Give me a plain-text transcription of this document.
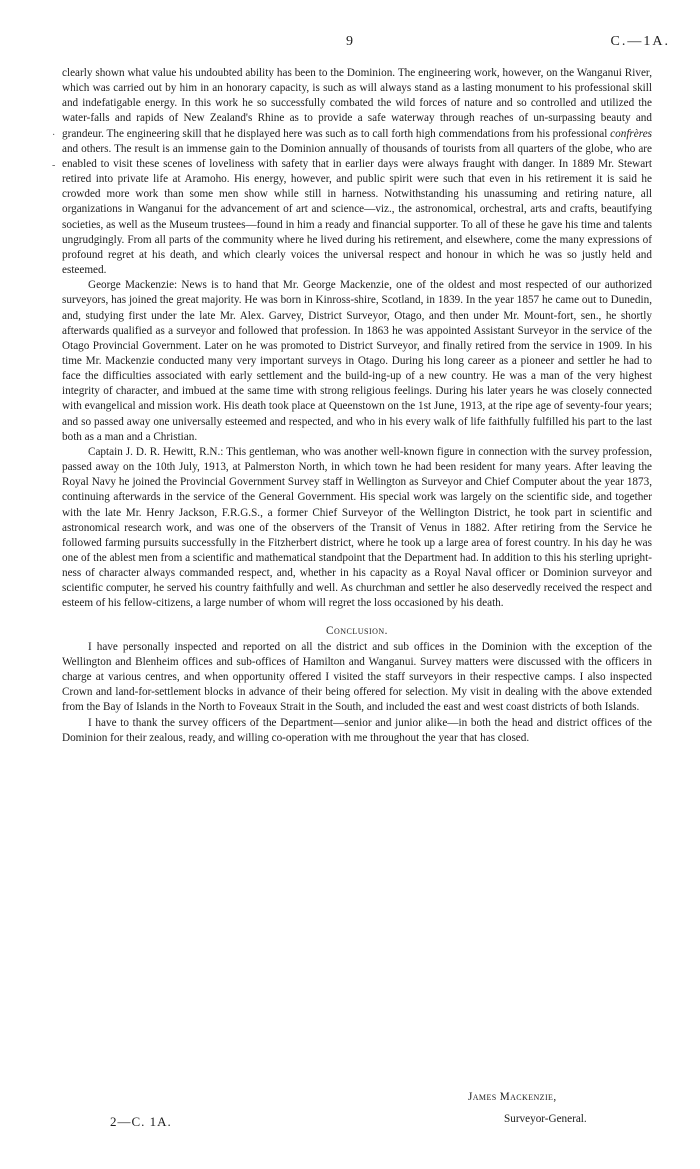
9	C.—1A.
·
-

clearly shown what value his undoubted ability has been to the Dominion. The engineering work, however, on the Wanganui River, which was carried out by him in an honorary capacity, is such as will always stand as a lasting monument to his professional skill and indefatigable energy. In this work he so successfully combated the wild forces of nature and so controlled and utilized the water-falls and rapids of New Zealand's Rhine as to provide a safe waterway through reaches of un-surpassing beauty and grandeur. The engineering skill that he displayed here was such as to call forth high commendations from his professional confrères and others. The result is an immense gain to the Dominion annually of thousands of tourists from all quarters of the globe, who are enabled to visit these scenes of loveliness with safety that in earlier days were always fraught with danger. In 1889 Mr. Stewart retired into private life at Aramoho. His energy, however, and public spirit were such that even in his retirement it is said he crowded more work than some men show while still in harness. Notwithstanding his unassuming and retiring nature, all organizations in Wanganui for the advancement of art and science—viz., the astronomical, orchestral, arts and crafts, beautifying societies, as well as the Museum trustees—found in him a ready and financial supporter. To all of these he gave his time and talents ungrudgingly. From all parts of the community where he lived during his retirement, and elsewhere, come the many expressions of profound regret at his death, and which clearly voices the universal respect and honour in which he was so justly held and esteemed.

George Mackenzie: News is to hand that Mr. George Mackenzie, one of the oldest and most respected of our authorized surveyors, has joined the great majority. He was born in Kinross-shire, Scotland, in 1839. In the year 1857 he came out to Dunedin, and, studying first under the late Mr. Alex. Garvey, District Surveyor, Otago, and then under Mr. Mount-fort, sen., he shortly afterwards qualified as a surveyor and followed that profession. In 1863 he was appointed Assistant Surveyor in the service of the Otago Provincial Government. Later on he was promoted to District Surveyor, and finally retired from the service in 1909. In his time Mr. Mackenzie conducted many very important surveys in Otago. During his long career as a pioneer and settler he had to face the difficulties associated with early settlement and the build-ing-up of a new country. He was a man of the very highest integrity of character, and imbued at the same time with strong religious feelings. During his later years he was closely connected with evangelical and mission work. His death took place at Queenstown on the 1st June, 1913, at the ripe age of seventy-four years; and so passed away one universally esteemed and respected, and who in his every walk of life faithfully fulfilled his part to the last both as a man and a Christian.

Captain J. D. R. Hewitt, R.N.: This gentleman, who was another well-known figure in connection with the survey profession, passed away on the 10th July, 1913, at Palmerston North, in which town he had been resident for many years. After leaving the Royal Navy he joined the Provincial Government Survey staff in Wellington as Surveyor and Chief Computer about the year 1873, continuing afterwards in the service of the General Government. His special work was largely on the scientific side, and together with the late Mr. Henry Jackson, F.R.G.S., a former Chief Surveyor of the Wellington District, he took part in scientific and astronomical research work, and was one of the observers of the Transit of Venus in 1882. After retiring from the Service he followed farming pursuits successfully in the Fitzherbert district, where he took up a large area of forest country. In his day he was one of the ablest men from a scientific and mathematical standpoint that the Department had. In addition to this his sterling upright-ness of character always commanded respect, and, whether in his capacity as a Royal Naval officer or Dominion surveyor and scientific computer, he served his country faithfully and well. As churchman and settler he also deservedly received the respect and esteem of his fellow-citizens, a large number of whom will regret the loss occasioned by his death.

Conclusion.

I have personally inspected and reported on all the district and sub offices in the Dominion with the exception of the Wellington and Blenheim offices and sub-offices of Hamilton and Wanganui. Survey matters were discussed with the officers in charge at various centres, and when opportunity offered I visited the staff surveyors in their respective camps. I also inspected Crown and land-for-settlement blocks in advance of their being offered for selection. My visit in dealing with the above extended from the Bay of Islands in the North to Foveaux Strait in the South, and included the east and west coast districts of both Islands.

I have to thank the survey officers of the Department—senior and junior alike—in both the head and district offices of the Dominion for their zealous, ready, and willing co-operation with me throughout the year that has closed.

James Mackenzie,
Surveyor-General.
2—C. 1A.
